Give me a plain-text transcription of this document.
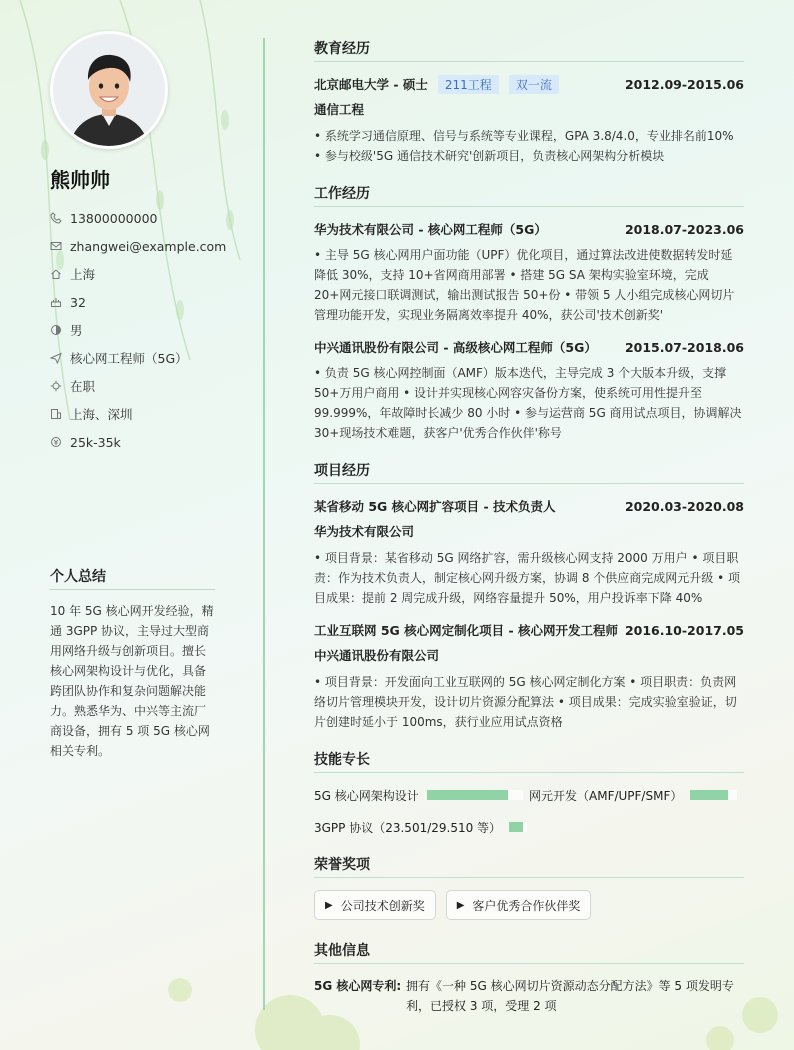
熊帅帅
13800000000
zhangwei@example.com
上海
32
男
核心网工程师（5G）
在职
上海、深圳
25k-35k
个人总结
10 年 5G 核心网开发经验，精通 3GPP 协议，主导过大型商用网络升级与创新项目。擅长核心网架构设计与优化，具备跨团队协作和复杂问题解决能力。熟悉华为、中兴等主流厂商设备，拥有 5 项 5G 核心网相关专利。
教育经历
北京邮电大学 - 硕士	211工程	双一流	2012.09-2015.06
通信工程
• 系统学习通信原理、信号与系统等专业课程，GPA 3.8/4.0，专业排名前10% • 参与校级'5G 通信技术研究'创新项目，负责核心网架构分析模块
工作经历
华为技术有限公司 - 核心网工程师（5G）	2018.07-2023.06
• 主导 5G 核心网用户面功能（UPF）优化项目，通过算法改进使数据转发时延降低 30%，支持 10+省网商用部署 • 搭建 5G SA 架构实验室环境，完成 20+网元接口联调测试，输出测试报告 50+份 • 带领 5 人小组完成核心网切片管理功能开发，实现业务隔离效率提升 40%，获公司'技术创新奖'
中兴通讯股份有限公司 - 高级核心网工程师（5G） 2015.07-2018.06
• 负责 5G 核心网控制面（AMF）版本迭代，主导完成 3 个大版本升级，支撑 50+万用户商用 • 设计并实现核心网容灾备份方案，使系统可用性提升至 99.999%，年故障时长减少 80 小时 • 参与运营商 5G 商用试点项目，协调解决 30+现场技术难题，获客户'优秀合作伙伴'称号
项目经历
某省移动 5G 核心网扩容项目 - 技术负责人	2020.03-2020.08
华为技术有限公司
• 项目背景：某省移动 5G 网络扩容，需升级核心网支持 2000 万用户 • 项目职责：作为技术负责人，制定核心网升级方案，协调 8 个供应商完成网元升级 • 项目成果：提前 2 周完成升级，网络容量提升 50%，用户投诉率下降 40%
工业互联网 5G 核心网定制化项目 - 核心网开发工程师 2016.10-2017.05
中兴通讯股份有限公司
• 项目背景：开发面向工业互联网的 5G 核心网定制化方案 • 项目职责：负责网络切片管理模块开发，设计切片资源分配算法 • 项目成果：完成实验室验证，切片创建时延小于 100ms，获行业应用试点资格
技能专长
5G 核心网架构设计	网元开发（AMF/UPF/SMF）
3GPP 协议（23.501/29.510 等）
荣誉奖项
▶ 公司技术创新奖	▶ 客户优秀合作伙伴奖
其他信息
5G 核心网专利: 拥有《一种 5G 核心网切片资源动态分配方法》等 5 项发明专利，已授权 3 项，受理 2 项
